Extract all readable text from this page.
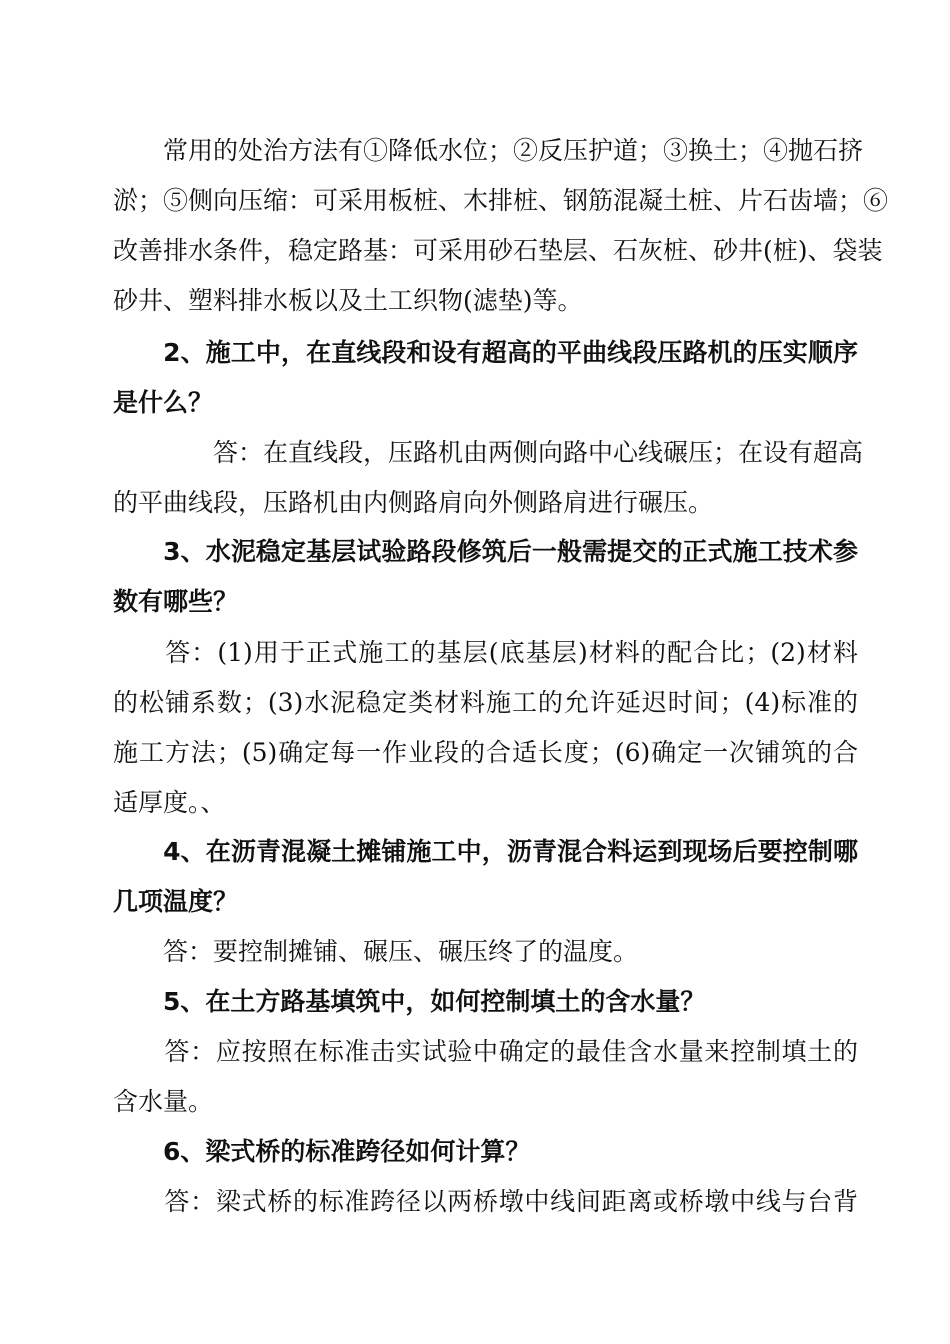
　　常用的处治方法有①降低水位；②反压护道；③换土；④抛石挤
淤；⑤侧向压缩：可采用板桩、木排桩、钢筋混凝土桩、片石齿墙；⑥
改善排水条件，稳定路基：可采用砂石垫层、石灰桩、砂井(桩)、袋装
砂井、塑料排水板以及土工织物(滤垫)等。
　　2、施工中，在直线段和设有超高的平曲线段压路机的压实顺序
是什么？
　　　　答：在直线段，压路机由两侧向路中心线碾压；在设有超高
的平曲线段，压路机由内侧路肩向外侧路肩进行碾压。
　　3、水泥稳定基层试验路段修筑后一般需提交的正式施工技术参
数有哪些？
　　答：(1)用于正式施工的基层(底基层)材料的配合比；(2)材料
的松铺系数；(3)水泥稳定类材料施工的允许延迟时间；(4)标准的
施工方法；(5)确定每一作业段的合适长度；(6)确定一次铺筑的合
适厚度。、
　　4、在沥青混凝土摊铺施工中，沥青混合料运到现场后要控制哪
几项温度？
　　答：要控制摊铺、碾压、碾压终了的温度。
　　5、在土方路基填筑中，如何控制填土的含水量？
　　答：应按照在标准击实试验中确定的最佳含水量来控制填土的
含水量。
　　6、梁式桥的标准跨径如何计算？
　　答：梁式桥的标准跨径以两桥墩中线间距离或桥墩中线与台背
